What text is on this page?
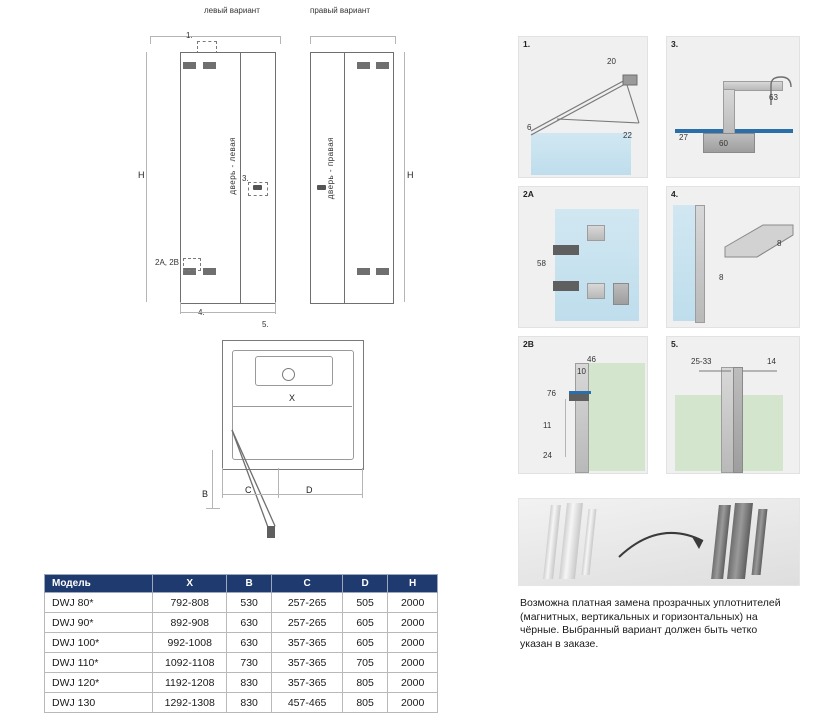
левый вариант	правый вариант
1.
дверь - левая 3.
H
2A, 2B
5.
дверь - правая	H
X
B	C	D
1.
20
6
22
3.
63
27
60
2A
58
4.
8
8
2B
46
10
76
11
24
5.
25-33	14
Возможна платная замена прозрачных уплотнителей (магнитных, вертикальных и горизонтальных) на чёрные. Выбранный вариант должен быть четко указан в заказе.
Модель	X	B	C	D	H
DWJ 80*	792-808	530	257-265	505	2000
DWJ 90*	892-908	630	257-265	605	2000
DWJ 100*	992-1008	630	357-365	605	2000
DWJ 110*	1092-1108	730	357-365	705	2000
DWJ 120*	1192-1208	830	357-365	805	2000
DWJ 130	1292-1308	830	457-465	805	2000
